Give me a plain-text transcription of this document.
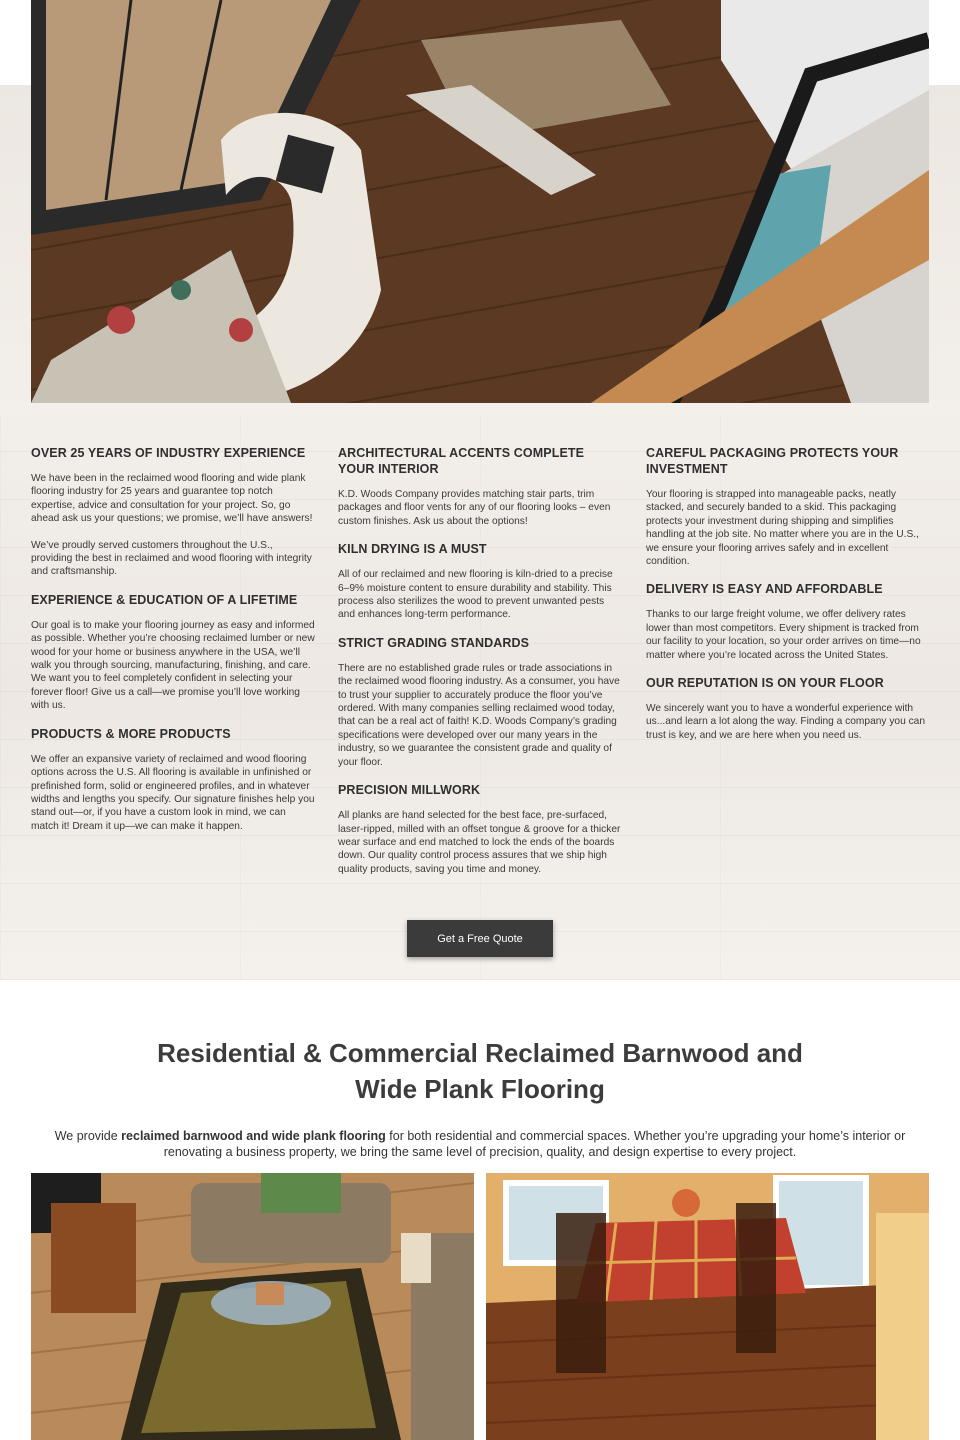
OVER 25 YEARS OF INDUSTRY EXPERIENCE

We have been in the reclaimed wood flooring and wide plank flooring industry for 25 years and guarantee top notch expertise, advice and consultation for your project. So, go ahead ask us your questions; we promise, we’ll have answers!

We’ve proudly served customers throughout the U.S., providing the best in reclaimed and wood flooring with integrity and craftsmanship.

EXPERIENCE & EDUCATION OF A LIFETIME

Our goal is to make your flooring journey as easy and informed as possible. Whether you’re choosing reclaimed lumber or new wood for your home or business anywhere in the USA, we’ll walk you through sourcing, manufacturing, finishing, and care. We want you to feel completely confident in selecting your forever floor! Give us a call—we promise you’ll love working with us.

PRODUCTS & MORE PRODUCTS

We offer an expansive variety of reclaimed and wood flooring options across the U.S. All flooring is available in unfinished or prefinished form, solid or engineered profiles, and in whatever widths and lengths you specify. Our signature finishes help you stand out—or, if you have a custom look in mind, we can match it! Dream it up—we can make it happen.

ARCHITECTURAL ACCENTS COMPLETE YOUR INTERIOR

K.D. Woods Company provides matching stair parts, trim packages and floor vents for any of our flooring looks – even custom finishes. Ask us about the options!

KILN DRYING IS A MUST

All of our reclaimed and new flooring is kiln-dried to a precise 6–9% moisture content to ensure durability and stability. This process also sterilizes the wood to prevent unwanted pests and enhances long-term performance.

STRICT GRADING STANDARDS

There are no established grade rules or trade associations in the reclaimed wood flooring industry. As a consumer, you have to trust your supplier to accurately produce the floor you’ve ordered. With many companies selling reclaimed wood today, that can be a real act of faith! K.D. Woods Company’s grading specifications were developed over our many years in the industry, so we guarantee the consistent grade and quality of your floor.

PRECISION MILLWORK

All planks are hand selected for the best face, pre-surfaced, laser-ripped, milled with an offset tongue & groove for a thicker wear surface and end matched to lock the ends of the boards down. Our quality control process assures that we ship high quality products, saving you time and money.

CAREFUL PACKAGING PROTECTS YOUR INVESTMENT

Your flooring is strapped into manageable packs, neatly stacked, and securely banded to a skid. This packaging protects your investment during shipping and simplifies handling at the job site. No matter where you are in the U.S., we ensure your flooring arrives safely and in excellent condition.

DELIVERY IS EASY AND AFFORDABLE

Thanks to our large freight volume, we offer delivery rates lower than most competitors. Every shipment is tracked from our facility to your location, so your order arrives on time—no matter where you’re located across the United States.

OUR REPUTATION IS ON YOUR FLOOR

We sincerely want you to have a wonderful experience with us...and learn a lot along the way. Finding a company you can trust is key, and we are here when you need us.

Get a Free Quote
Residential & Commercial Reclaimed Barnwood and
Wide Plank Flooring

We provide reclaimed barnwood and wide plank flooring for both residential and commercial spaces. Whether you’re upgrading your home’s interior or renovating a business property, we bring the same level of precision, quality, and design expertise to every project.
